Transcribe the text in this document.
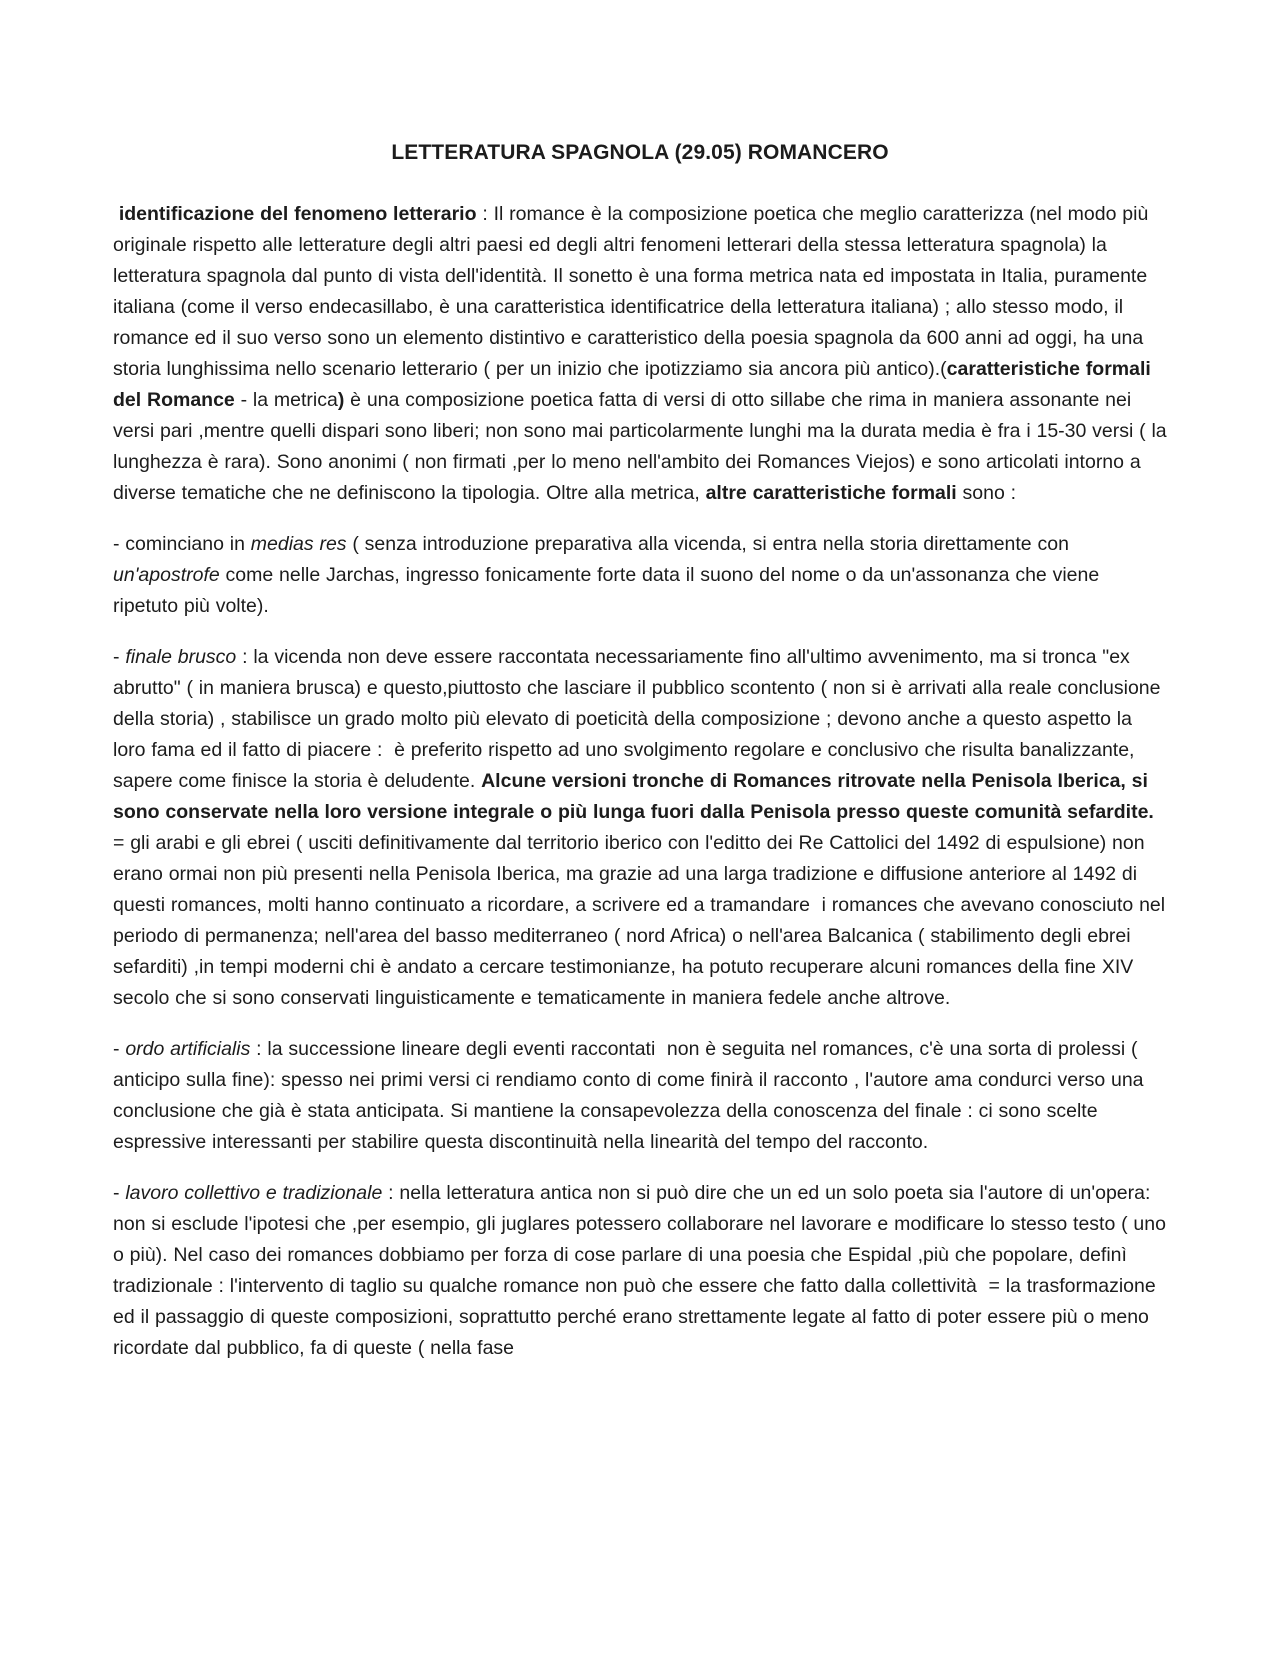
LETTERATURA SPAGNOLA (29.05) ROMANCERO

identificazione del fenomeno letterario : Il romance è la composizione poetica che meglio caratterizza (nel modo più originale rispetto alle letterature degli altri paesi ed degli altri fenomeni letterari della stessa letteratura spagnola) la letteratura spagnola dal punto di vista dell'identità. Il sonetto è una forma metrica nata ed impostata in Italia, puramente italiana (come il verso endecasillabo, è una caratteristica identificatrice della letteratura italiana) ; allo stesso modo, il romance ed il suo verso sono un elemento distintivo e caratteristico della poesia spagnola da 600 anni ad oggi, ha una storia lunghissima nello scenario letterario ( per un inizio che ipotizziamo sia ancora più antico).(caratteristiche formali del Romance - la metrica) è una composizione poetica fatta di versi di otto sillabe che rima in maniera assonante nei versi pari ,mentre quelli dispari sono liberi; non sono mai particolarmente lunghi ma la durata media è fra i 15-30 versi ( la lunghezza è rara). Sono anonimi ( non firmati ,per lo meno nell'ambito dei Romances Viejos) e sono articolati intorno a diverse tematiche che ne definiscono la tipologia. Oltre alla metrica, altre caratteristiche formali sono :

- cominciano in medias res ( senza introduzione preparativa alla vicenda, si entra nella storia direttamente con un'apostrofe come nelle Jarchas, ingresso fonicamente forte data il suono del nome o da un'assonanza che viene ripetuto più volte).

- finale brusco : la vicenda non deve essere raccontata necessariamente fino all'ultimo avvenimento, ma si tronca "ex abrutto" ( in maniera brusca) e questo,piuttosto che lasciare il pubblico scontento ( non si è arrivati alla reale conclusione della storia) , stabilisce un grado molto più elevato di poeticità della composizione ; devono anche a questo aspetto la loro fama ed il fatto di piacere :  è preferito rispetto ad uno svolgimento regolare e conclusivo che risulta banalizzante, sapere come finisce la storia è deludente. Alcune versioni tronche di Romances ritrovate nella Penisola Iberica, si sono conservate nella loro versione integrale o più lunga fuori dalla Penisola presso queste comunità sefardite. = gli arabi e gli ebrei ( usciti definitivamente dal territorio iberico con l'editto dei Re Cattolici del 1492 di espulsione) non erano ormai non più presenti nella Penisola Iberica, ma grazie ad una larga tradizione e diffusione anteriore al 1492 di questi romances, molti hanno continuato a ricordare, a scrivere ed a tramandare  i romances che avevano conosciuto nel periodo di permanenza; nell'area del basso mediterraneo ( nord Africa) o nell'area Balcanica ( stabilimento degli ebrei sefarditi) ,in tempi moderni chi è andato a cercare testimonianze, ha potuto recuperare alcuni romances della fine XIV secolo che si sono conservati linguisticamente e tematicamente in maniera fedele anche altrove.

- ordo artificialis : la successione lineare degli eventi raccontati  non è seguita nel romances, c'è una sorta di prolessi ( anticipo sulla fine): spesso nei primi versi ci rendiamo conto di come finirà il racconto , l'autore ama condurci verso una conclusione che già è stata anticipata. Si mantiene la consapevolezza della conoscenza del finale : ci sono scelte espressive interessanti per stabilire questa discontinuità nella linearità del tempo del racconto.

- lavoro collettivo e tradizionale : nella letteratura antica non si può dire che un ed un solo poeta sia l'autore di un'opera: non si esclude l'ipotesi che ,per esempio, gli juglares potessero collaborare nel lavorare e modificare lo stesso testo ( uno o più). Nel caso dei romances dobbiamo per forza di cose parlare di una poesia che Espidal ,più che popolare, definì tradizionale : l'intervento di taglio su qualche romance non può che essere che fatto dalla collettività  = la trasformazione ed il passaggio di queste composizioni, soprattutto perché erano strettamente legate al fatto di poter essere più o meno ricordate dal pubblico, fa di queste ( nella fase
